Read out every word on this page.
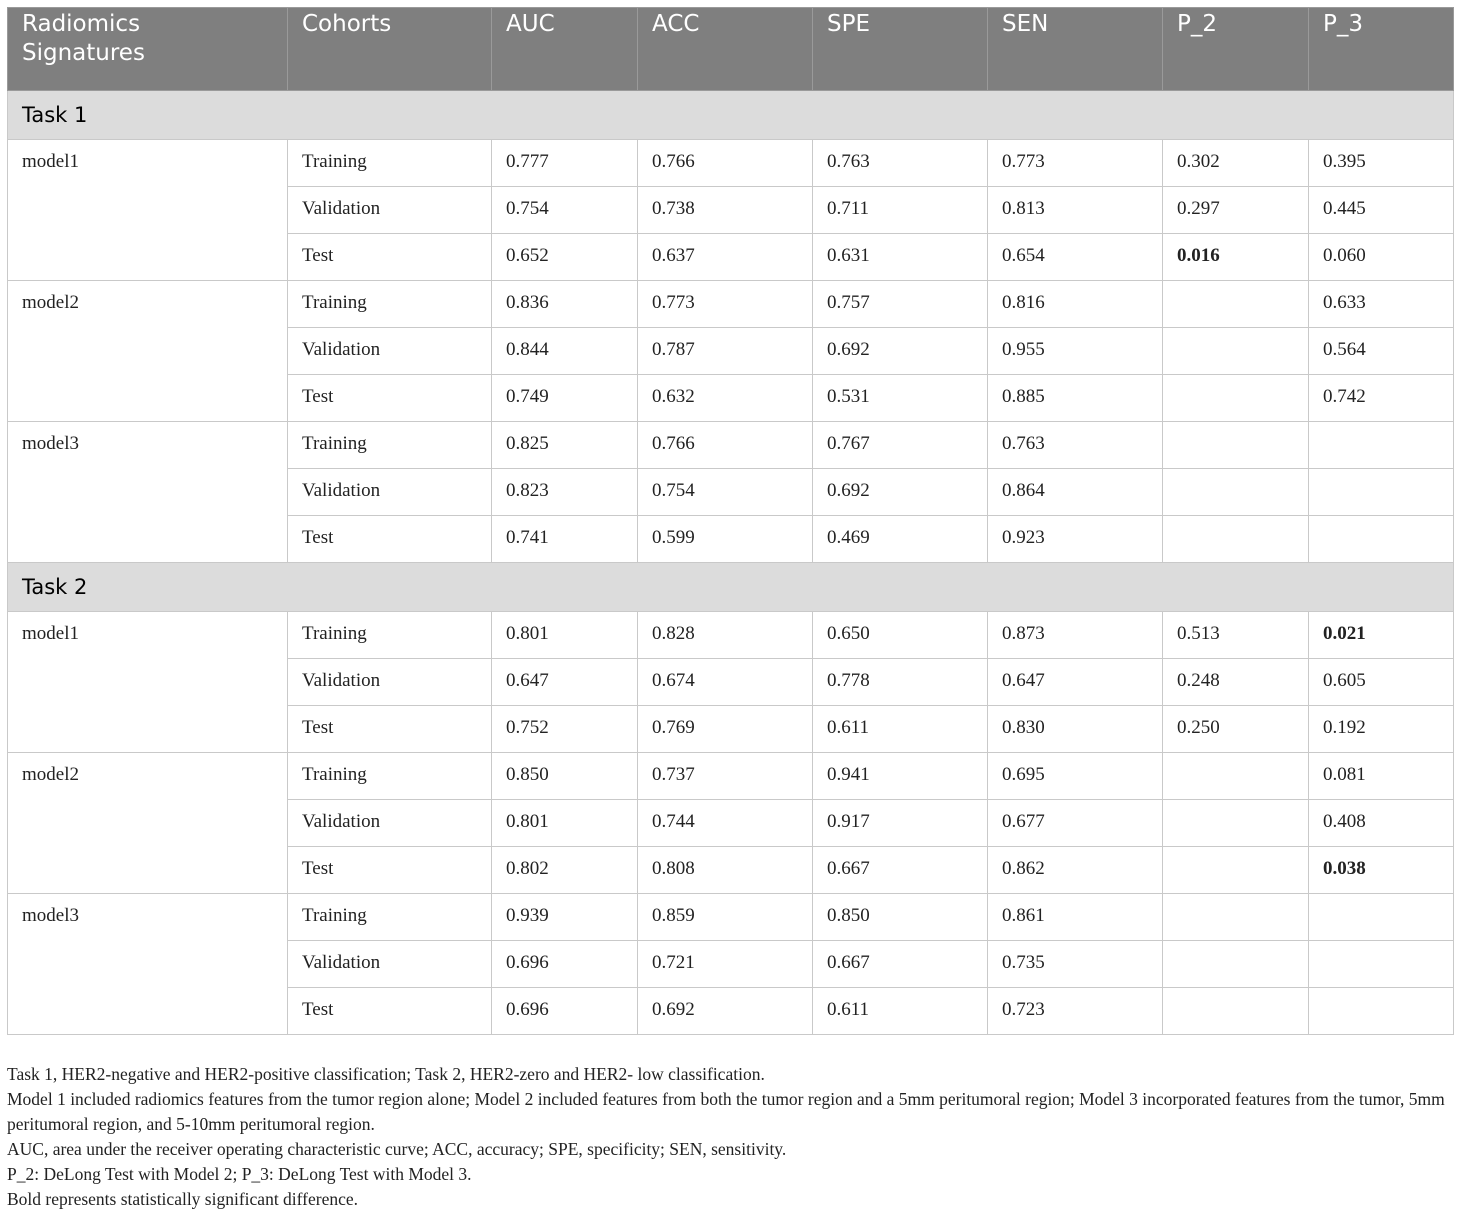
Radiomics
Signatures	Cohorts	AUC	ACC	SPE	SEN	P_2	P_3
Task 1							
model1	Training	0.777	0.766	0.763	0.773	0.302	0.395
	Validation	0.754	0.738	0.711	0.813	0.297	0.445
	Test	0.652	0.637	0.631	0.654	0.016	0.060
model2	Training	0.836	0.773	0.757	0.816		0.633
	Validation	0.844	0.787	0.692	0.955		0.564
	Test	0.749	0.632	0.531	0.885		0.742
model3	Training	0.825	0.766	0.767	0.763		
	Validation	0.823	0.754	0.692	0.864		
	Test	0.741	0.599	0.469	0.923		
Task 2							
model1	Training	0.801	0.828	0.650	0.873	0.513	0.021
	Validation	0.647	0.674	0.778	0.647	0.248	0.605
	Test	0.752	0.769	0.611	0.830	0.250	0.192
model2	Training	0.850	0.737	0.941	0.695		0.081
	Validation	0.801	0.744	0.917	0.677		0.408
	Test	0.802	0.808	0.667	0.862		0.038
model3	Training	0.939	0.859	0.850	0.861		
	Validation	0.696	0.721	0.667	0.735		
	Test	0.696	0.692	0.611	0.723		

Task 1, HER2-negative and HER2-positive classification; Task 2, HER2-zero and HER2- low classification.

Model 1 included radiomics features from the tumor region alone; Model 2 included features from both the tumor region and a 5mm peritumoral region; Model 3 incorporated features from the tumor, 5mm peritumoral region, and 5-10mm peritumoral region.

AUC, area under the receiver operating characteristic curve; ACC, accuracy; SPE, specificity; SEN, sensitivity.

P_2: DeLong Test with Model 2; P_3: DeLong Test with Model 3.

Bold represents statistically significant difference.
